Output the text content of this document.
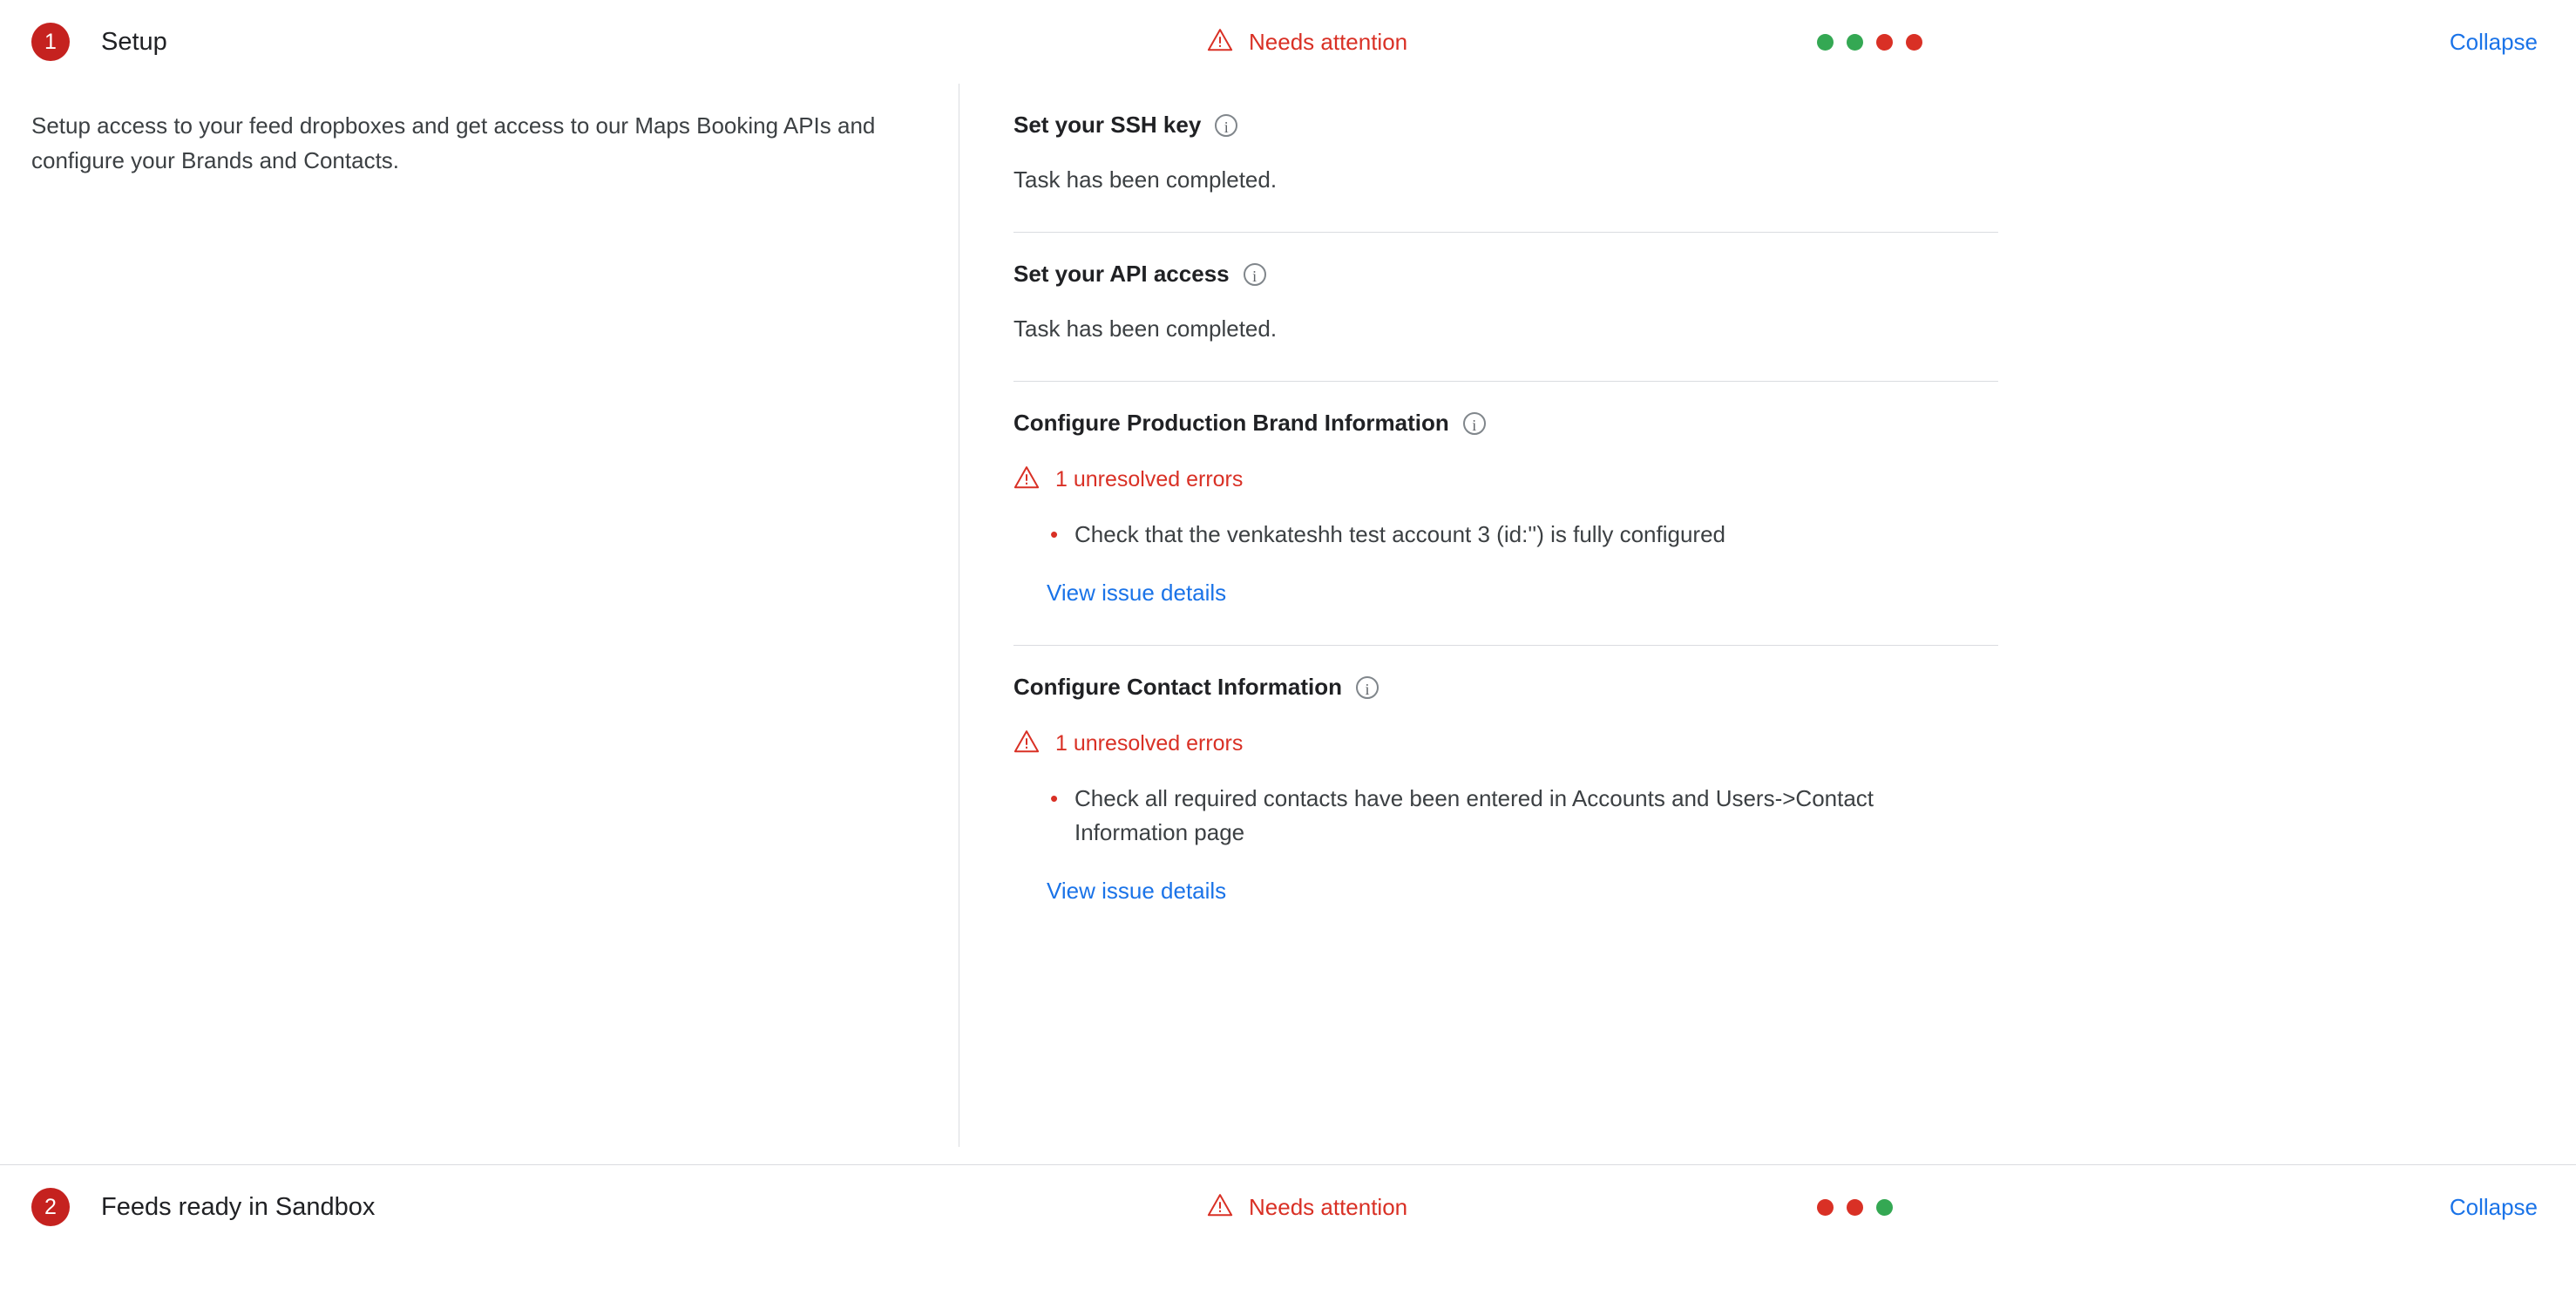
1	Setup	Needs attention	Collapse
Setup access to your feed dropboxes and get access to our Maps Booking APIs and configure your Brands and Contacts.
Set your SSH key	i
Task has been completed.
Set your API access	i
Task has been completed.
Configure Production Brand Information	i
1 unresolved errors
• Check that the venkateshh test account 3 (id:'') is fully configured
View issue details
Configure Contact Information	i
1 unresolved errors
• Check all required contacts have been entered in Accounts and Users->Contact Information page
View issue details
2	Feeds ready in Sandbox	Needs attention	Collapse
